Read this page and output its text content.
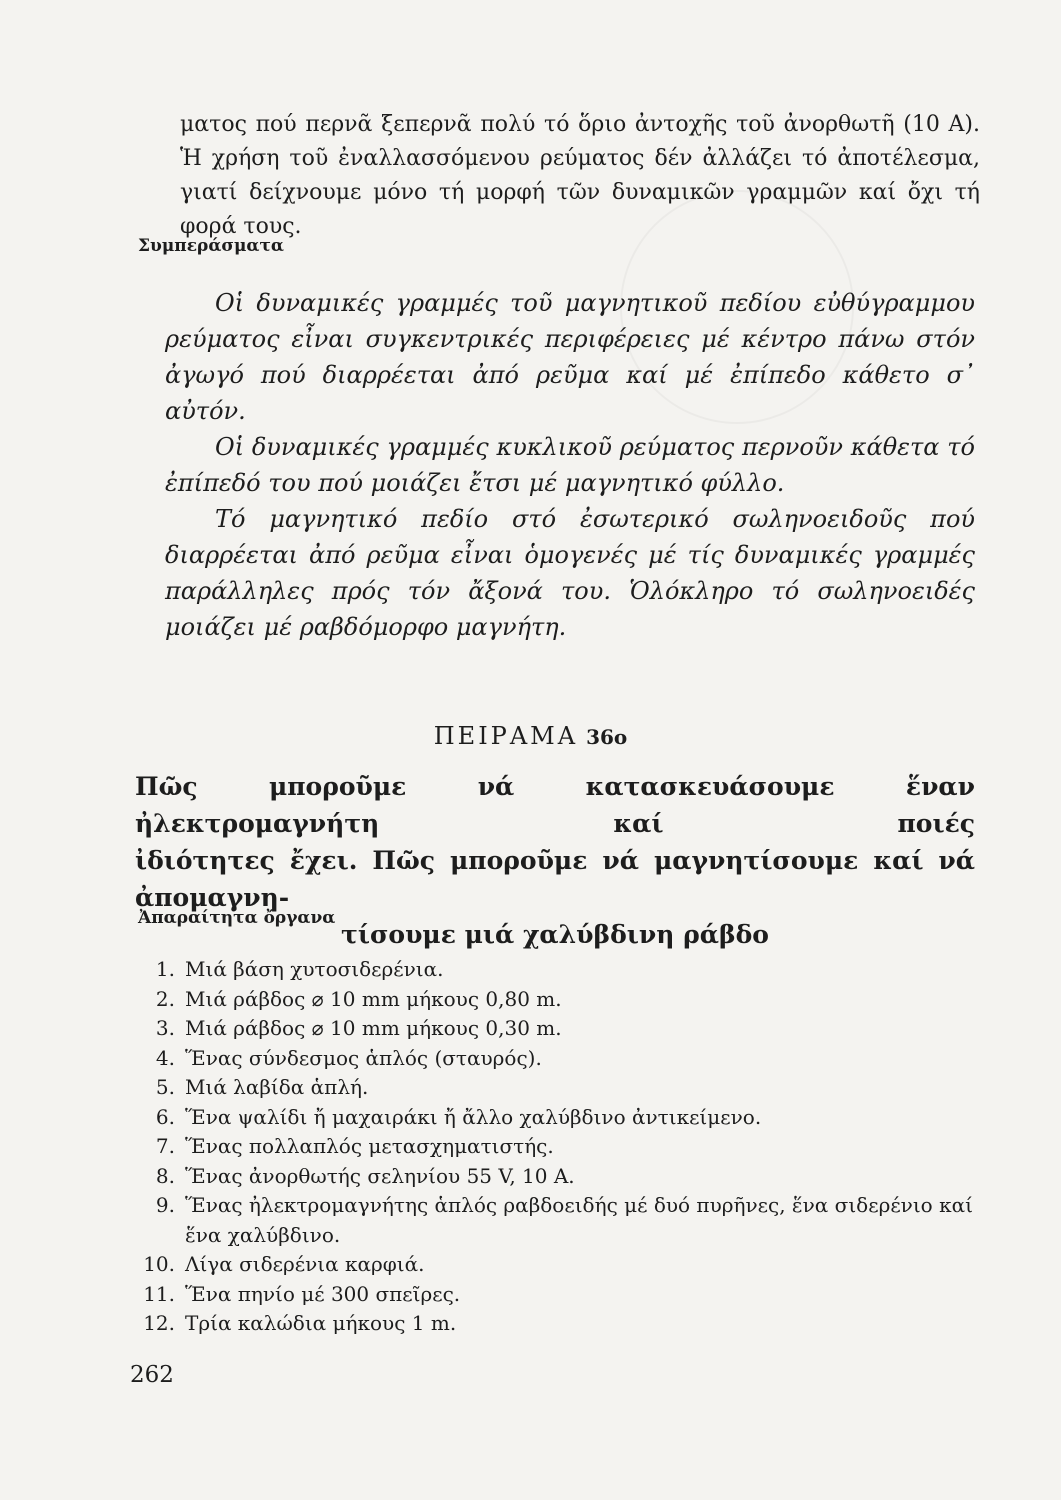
ματος πού περνᾶ ξεπερνᾶ πολύ τό ὅριο ἀντοχῆς τοῦ ἀνορθωτῆ (10 A). Ἡ χρήση τοῦ ἐναλλασσόμενου ρεύματος δέν ἀλλάζει τό ἀποτέλεσμα, γιατί δείχνουμε μόνο τή μορφή τῶν δυναμικῶν γραμμῶν καί ὄχι τή φορά τους.

Συμπεράσματα

Οἱ δυναμικές γραμμές τοῦ μαγνητικοῦ πεδίου εὐθύγραμμου ρεύματος εἶναι συγκεντρικές περιφέρειες μέ κέντρο πάνω στόν ἀγωγό πού διαρρέεται ἀπό ρεῦμα καί μέ ἐπίπεδο κάθετο σ᾽ αὐτόν.

Οἱ δυναμικές γραμμές κυκλικοῦ ρεύματος περνοῦν κάθετα τό ἐπίπεδό του πού μοιάζει ἔτσι μέ μαγνητικό φύλλο.

Τό μαγνητικό πεδίο στό ἐσωτερικό σωληνοειδοῦς πού διαρρέεται ἀπό ρεῦμα εἶναι ὁμογενές μέ τίς δυναμικές γραμμές παράλληλες πρός τόν ἄξονά του. Ὁλόκληρο τό σωληνοειδές μοιάζει μέ ραβδόμορφο μαγνήτη.

ΠΕΙΡΑΜΑ 36ο
Πῶς μποροῦμε νά κατασκευάσουμε ἕναν ἠλεκτρομαγνήτη καί ποιές
ἰδιότητες ἔχει. Πῶς μποροῦμε νά μαγνητίσουμε καί νά ἀπομαγνη-
τίσουμε μιά χαλύβδινη ράβδο
Ἀπαραίτητα ὄργανα
1. Μιά βάση χυτοσιδερένια.
2. Μιά ράβδος ⌀ 10 mm μήκους 0,80 m.
3. Μιά ράβδος ⌀ 10 mm μήκους 0,30 m.
4. Ἕνας σύνδεσμος ἁπλός (σταυρός).
5. Μιά λαβίδα ἁπλή.
6. Ἕνα ψαλίδι ἤ μαχαιράκι ἤ ἄλλο χαλύβδινο ἀντικείμενο.
7. Ἕνας πολλαπλός μετασχηματιστής.
8. Ἕνας ἀνορθωτής σεληνίου 55 V, 10 A.
9. Ἕνας ἠλεκτρομαγνήτης ἁπλός ραβδοειδής μέ δυό πυρῆνες, ἕνα σιδερένιο καί ἕνα χαλύβδινο.
10. Λίγα σιδερένια καρφιά.
11. Ἕνα πηνίο μέ 300 σπεῖρες.
12. Τρία καλώδια μήκους 1 m.
262
